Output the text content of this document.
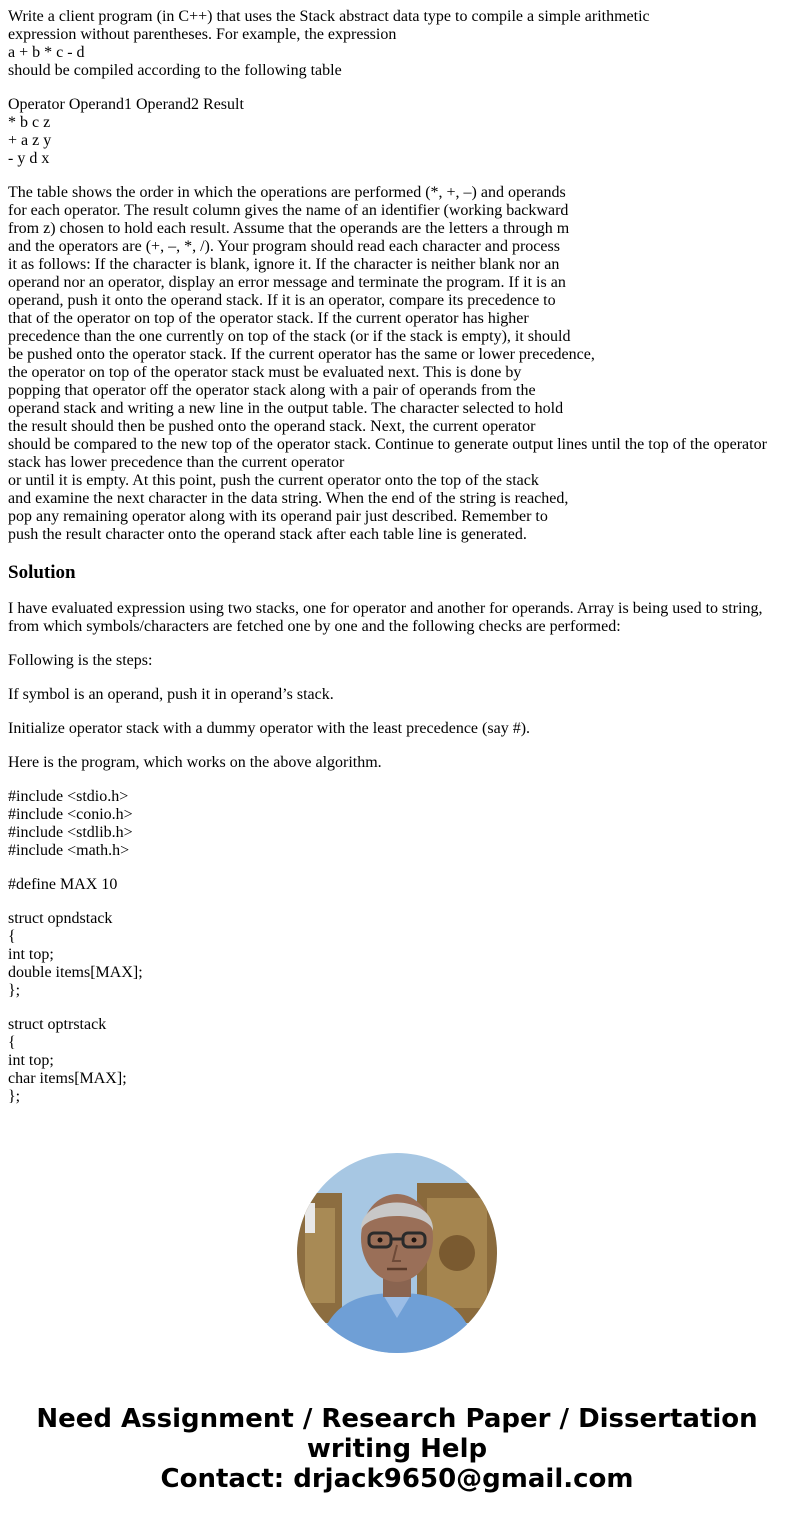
Write a client program (in C++) that uses the Stack abstract data type to compile a simple arithmetic
expression without parentheses. For example, the expression
a + b * c - d
should be compiled according to the following table

Operator Operand1 Operand2 Result
* b c z
+ a z y
- y d x

The table shows the order in which the operations are performed (*, +, –) and operands
for each operator. The result column gives the name of an identifier (working backward
from z) chosen to hold each result. Assume that the operands are the letters a through m
and the operators are (+, –, *, /). Your program should read each character and process
it as follows: If the character is blank, ignore it. If the character is neither blank nor an
operand nor an operator, display an error message and terminate the program. If it is an
operand, push it onto the operand stack. If it is an operator, compare its precedence to
that of the operator on top of the operator stack. If the current operator has higher
precedence than the one currently on top of the stack (or if the stack is empty), it should
be pushed onto the operator stack. If the current operator has the same or lower precedence,
the operator on top of the operator stack must be evaluated next. This is done by
popping that operator off the operator stack along with a pair of operands from the
operand stack and writing a new line in the output table. The character selected to hold
the result should then be pushed onto the operand stack. Next, the current operator
should be compared to the new top of the operator stack. Continue to generate output lines until the top of the operator
stack has lower precedence than the current operator
or until it is empty. At this point, push the current operator onto the top of the stack
and examine the next character in the data string. When the end of the string is reached,
pop any remaining operator along with its operand pair just described. Remember to
push the result character onto the operand stack after each table line is generated.

Solution

I have evaluated expression using two stacks, one for operator and another for operands. Array is being used to string,
from which symbols/characters are fetched one by one and the following checks are performed:

Following is the steps:

If symbol is an operand, push it in operand’s stack.

Initialize operator stack with a dummy operator with the least precedence (say #).

Here is the program, which works on the above algorithm.

#include <stdio.h>
#include <conio.h>
#include <stdlib.h>
#include <math.h>

#define MAX 10

struct opndstack
{
int top;
double items[MAX];
};

struct optrstack
{
int top;
char items[MAX];
};

Need Assignment / Research Paper / Dissertation
writing Help
Contact: drjack9650@gmail.com
